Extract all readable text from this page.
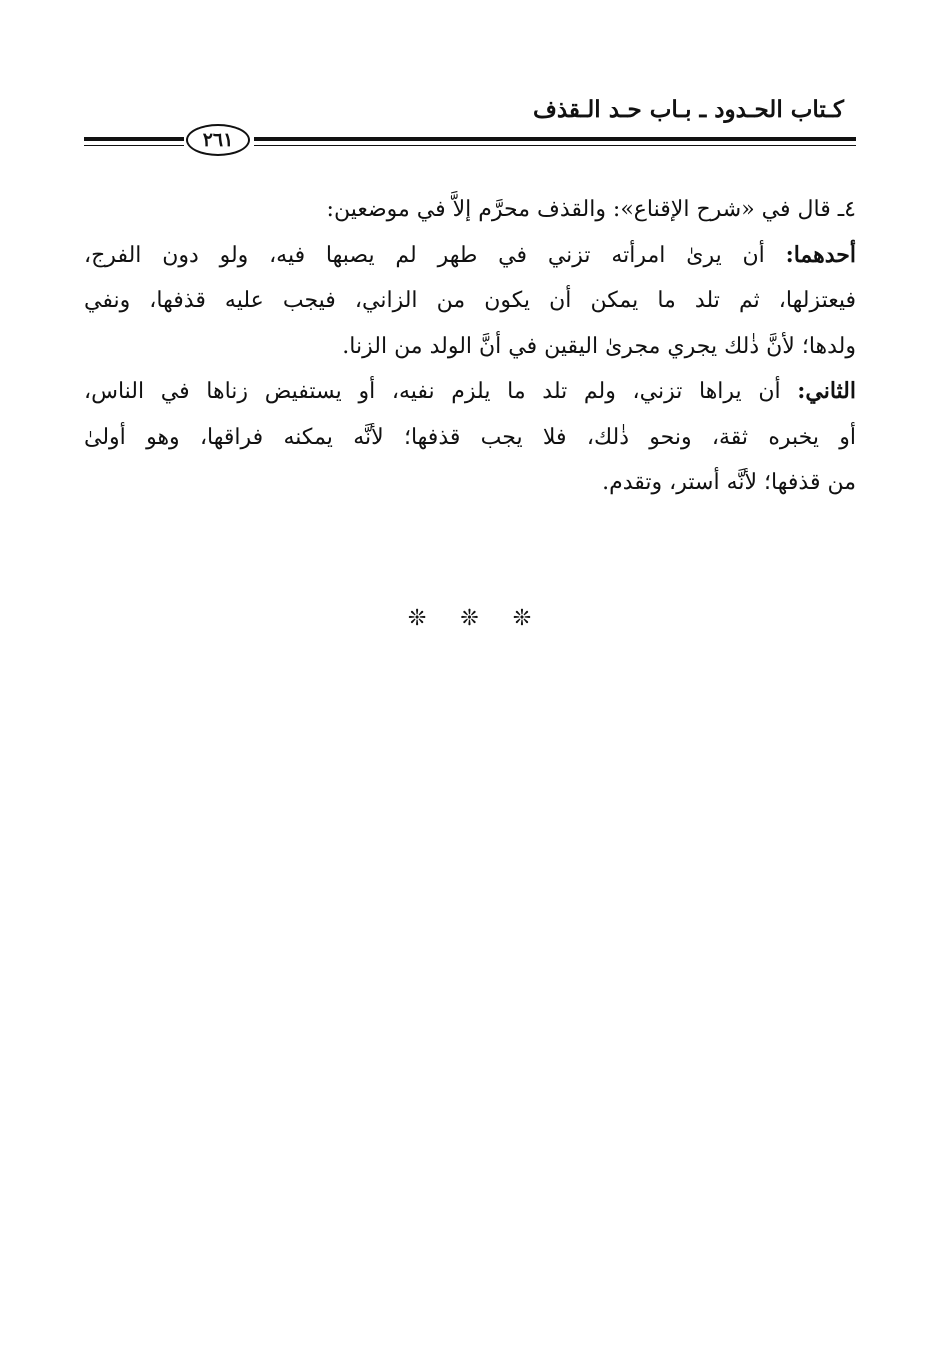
كـتاب الحـدود ـ بـاب حـد الـقذف
٢٦١

٤ـ قال في «شرح الإقناع»: والقذف محرَّم إلاَّ في موضعين:

أحدهما: أن يرىٰ امرأته تزني في طهر لم يصبها فيه، ولو دون الفرج،
فيعتزلها، ثم تلد ما يمكن أن يكون من الزاني، فيجب عليه قذفها، ونفي
ولدها؛ لأنَّ ذٰلك يجري مجرىٰ اليقين في أنَّ الولد من الزنا.

الثاني: أن يراها تزني، ولم تلد ما يلزم نفيه، أو يستفيض زناها في الناس،
أو يخبره ثقة، ونحو ذٰلك، فلا يجب قذفها؛ لأنَّه يمكنه فراقها، وهو أولىٰ
من قذفها؛ لأنَّه أستر، وتقدم.

❊
❊
❊
